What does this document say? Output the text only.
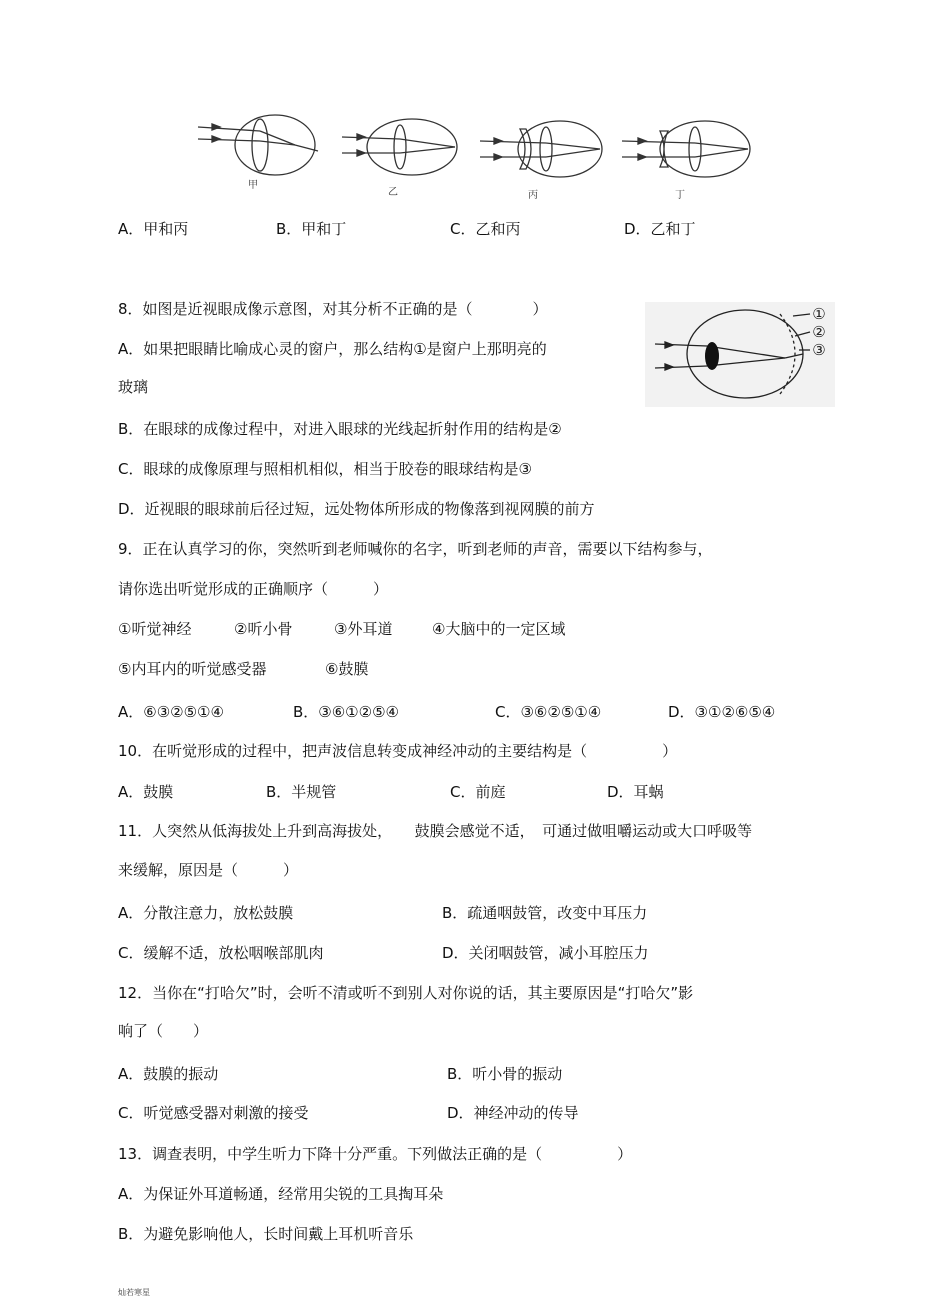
甲
乙	丙	丁
A．甲和丙	B．甲和丁	C．乙和丙	D．乙和丁
8．如图是近视眼成像示意图，对其分析不正确的是（　　　　）
A．如果把眼睛比喻成心灵的窗户，那么结构①是窗户上那明亮的
玻璃
B．在眼球的成像过程中，对进入眼球的光线起折射作用的结构是②
C．眼球的成像原理与照相机相似，相当于胶卷的眼球结构是③
D．近视眼的眼球前后径过短，远处物体所形成的物像落到视网膜的前方
①
②
③
9．正在认真学习的你，突然听到老师喊你的名字，听到老师的声音，需要以下结构参与，
请你选出听觉形成的正确顺序（　　　）
①听觉神经	②听小骨	③外耳道	④大脑中的一定区域
⑤内耳内的听觉感受器	⑥鼓膜
A．⑥③②⑤①④	B．③⑥①②⑤④	C．③⑥②⑤①④	D．③①②⑥⑤④
10．在听觉形成的过程中，把声波信息转变成神经冲动的主要结构是（　　　　　）
A．鼓膜	B．半规管	C．前庭	D．耳蜗
11．人突然从低海拔处上升到高海拔处，　　鼓膜会感觉不适，　可通过做咀嚼运动或大口呼吸等
来缓解，原因是（　　　）
A．分散注意力，放松鼓膜	B．疏通咽鼓管，改变中耳压力
C．缓解不适，放松咽喉部肌肉	D．关闭咽鼓管，减小耳腔压力
12．当你在“打哈欠”时，会听不清或听不到别人对你说的话，其主要原因是“打哈欠”影
响了（　　）
A．鼓膜的振动	B．听小骨的振动
C．听觉感受器对刺激的接受	D．神经冲动的传导
13．调查表明，中学生听力下降十分严重。下列做法正确的是（　　　　　）
A．为保证外耳道畅通，经常用尖锐的工具掏耳朵
B．为避免影响他人，长时间戴上耳机听音乐
灿若寒星
